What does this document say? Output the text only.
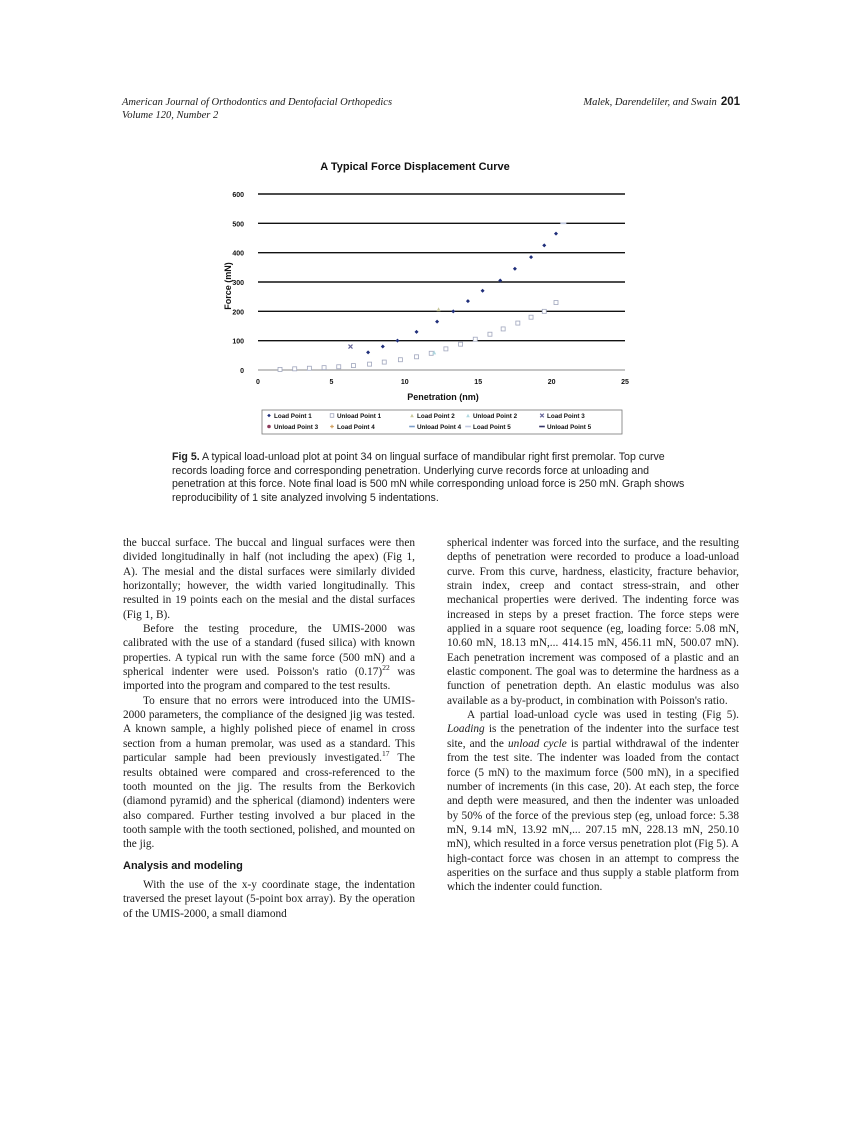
American Journal of Orthodontics and Dentofacial Orthopedics
Volume 120, Number 2
Malek, Darendeliler, and Swain 201
A Typical Force Displacement Curve
0
100
200
300
400
500
600
0	5	10	15	20	25
Force (mN)
Penetration (nm)
Load Point 1	Unload Point 1	Load Point 2	Unload Point 2	Load Point 3
Unload Point 3	Load Point 4	Unload Point 4 Load Point 5	Unload Point 5
Fig 5. A typical load-unload plot at point 34 on lingual surface of mandibular right first premolar. Top curve records loading force and corresponding penetration. Underlying curve records force at unloading and penetration at this force. Note final load is 500 mN while corresponding unload force is 250 mN. Graph shows reproducibility of 1 site analyzed involving 5 indentations.

the buccal surface. The buccal and lingual surfaces were then divided longitudinally in half (not including the apex) (Fig 1, A). The mesial and the distal surfaces were similarly divided horizontally; however, the width varied longitudinally. This resulted in 19 points each on the mesial and the distal surfaces (Fig 1, B).

Before the testing procedure, the UMIS-2000 was calibrated with the use of a standard (fused silica) with known properties. A typical run with the same force (500 mN) and a spherical indenter were used. Poisson's ratio $(0.17)^{22}$ was imported into the program and compared to the test results.

To ensure that no errors were introduced into the UMIS-2000 parameters, the compliance of the designed jig was tested. A known sample, a highly polished piece of enamel in cross section from a human premolar, was used as a standard. This particular sample had been previously investigated.$^{17}$ The results obtained were compared and cross-referenced to the tooth mounted on the jig. The results from the Berkovich (diamond pyramid) and the spherical (diamond) indenters were also compared. Further testing involved a bur placed in the tooth sample with the tooth sectioned, polished, and mounted on the jig.

Analysis and modeling

With the use of the x-y coordinate stage, the indentation traversed the preset layout (5-point box array). By the operation of the UMIS-2000, a small diamond

spherical indenter was forced into the surface, and the resulting depths of penetration were recorded to produce a load-unload curve. From this curve, hardness, elasticity, fracture behavior, strain index, creep and contact stress-strain, and other mechanical properties were derived. The indenting force was increased in steps by a preset fraction. The force steps were applied in a square root sequence (eg, loading force: 5.08 mN, 10.60 mN, 18.13 mN,... 414.15 mN, 456.11 mN, 500.07 mN). Each penetration increment was composed of a plastic and an elastic component. The goal was to determine the hardness as a function of penetration depth. An elastic modulus was also available as a by-product, in combination with Poisson's ratio.

A partial load-unload cycle was used in testing (Fig 5). Loading is the penetration of the indenter into the surface test site, and the unload cycle is partial withdrawal of the indenter from the test site. The indenter was loaded from the contact force (5 mN) to the maximum force (500 mN), in a specified number of increments (in this case, 20). At each step, the force and depth were measured, and then the indenter was unloaded by 50% of the force of the previous step (eg, unload force: 5.38 mN, 9.14 mN, 13.92 mN,... 207.15 mN, 228.13 mN, 250.10 mN), which resulted in a force versus penetration plot (Fig 5). A high-contact force was chosen in an attempt to compress the asperities on the surface and thus supply a stable platform from which the indenter could function.
